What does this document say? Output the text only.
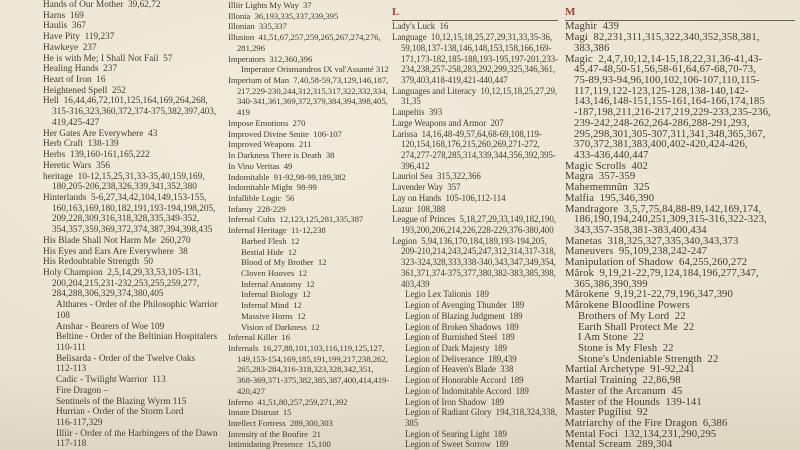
Hands of Our Mother  39,62,72
Harns  169
Haulis  367
Have Pity  119,237
Hawkeye  237
He is with Me; I Shall Not Fail  57
Healing Hands  237
Heart of Iron  16
Heightened Spell  252
Hell  16,44,46,72,101,125,164,169,264,268,
315-316,323,360,372,374-375,382,397,403,
419,425-427
Her Gates Are Everywhere  43
Herb Craft  138-139
Herbs  139,160-161,165,222
Heretic Wars  356
heritage  10-12,15,25,31,33-35,40,159,169,
180,205-206,238,326,339,341,352,380
Hinterlands  5-6,27,34,42,104,149,153-155,
160,163,169,180,182,191,193-194,198,205,
209,228,309,316,318,328,335,349-352,
354,357,359,369,372,374,387,394,398,435
His Blade Shall Not Harm Me  260,270
His Eyes and Ears Are Everywhere  38
His Redoubtable Strength  50
Holy Champion  2,5,14,29,33,53,105-131,
200,204,215,231-232,253,255,259,277,
284,288,306,329,374,380,405
Althares - Order of the Philosophic Warrior
108
Anshar - Bearers of Woe 109
Beltine - Order of the Beltinian Hospitalers
110-111
Belisarda - Order of the Twelve Oaks
112-113
Cadic - Twilight Warrior  113
Fire Dragon –
Sentinels of the Blazing Wyrm 115
Hurrian - Order of the Storm Lord
116-117,329
Illiir - Order of the Harbingers of the Dawn
117-118
Illiir Lights My Way  37
Illonia  36,193,335,337,339,395
Illonian  335,337
Illusion  41,51,67,257,259,265,267,274,276,
281,296
Imperators  312,360,396
Imperator Orismandros IX val'Assanté 312
Imperium of Man  7,40,58-59,73,129,146,187,
217,229-230,244,312,315,317,322,332,334,
340-341,361,369,372,379,384,394,398,405,
419
Impose Emotions  270
Improved Divine Smite  106-107
Improved Weapons  211
In Darkness There is Death  38
In Vino Veritas  49
Indomitable  91-92,98-99,189,382
Indomitable Might  98-99
Infallible Logic  56
Infamy  228-229
Infernal Cults  12,123,125,281,335,387
Infernal Heritage  11-12,238
Barbed Flesh  12
Bestial Hide  12
Blood of My Brother  12
Cloven Hooves  12
Infernal Anatomy  12
Infernal Biology  12
Infernal Mind  12
Massive Horns  12
Vision of Darkness  12
Infernal Killer  16
Infernals  16,27,88,101,103,116,119,125,127,
149,153-154,169,185,191,199,217,238,262,
265,283-284,316-318,323,328,342,351,
368-369,371-375,382,385,387,400,414,419-
420,427
Inferno  41,51,80,257,259,271,392
Innate Distrust  15
Intellect Fortress  289,300,303
Intensity of the Bonfire  21
Intimidating Presence  15,100
L
Lady's Luck  16
Language  10,12,15,18,25,27,29,31,33,35-36,
59,108,137-138,146,148,153,158,166,169-
171,173-182,185-188,193-195,197-201,233-
234,238,257-258,283,292,299,325,346,361,
379,403,418-419,421-440,447
Languages and Literacy  10,12,15,18,25,27,29,
31,35
Lanpeltis  393
Large Weapons and Armor  207
Larissa  14,16,48-49,57,64,68-69,108,119-
120,154,168,176,215,260,269,271-272,
274,277-278,285,314,339,344,356,392,395-
396,412
Lauriol Sea  315,322,366
Lavender Way  357
Lay on Hands  105-106,112-114
Lazur  108,388
League of Princes  5,18,27,29,33,149,182,190,
193,200,206,214,226,228-229,376-380,400
Legion  5,94,136,170,184,189,193-194,205,
209-210,214,243,245,247,312,314,317-318,
323-324,328,333,338-340,343,347,349,354,
361,371,374-375,377,380,382-383,385,398,
403,439
Legio Lex Talionis  189
Legion of Avenging Thunder  189
Legion of Blazing Judgment  189
Legion of Broken Shadows  189
Legion of Burnished Steel  189
Legion of Dark Majesty  189
Legion of Deliverance  189,439
Legion of Heaven's Blade  338
Legion of Honorable Accord  189
Legion of Indomitable Accord  189
Legion of Iron Shadow  189
Legion of Radiant Glory  194,318,324,338,
385
Legion of Searing Light  189
Legion of Sweet Sorrow  189
M
Maghir  439
Magi  82,231,311,315,322,340,352,358,381,
383,386
Magic  2,4,7,10,12,14-15,18,22,31,36-41,43-
45,47-48,50-51,56,58-61,64,67-68,70-73,
75-89,93-94,96,100,102,106-107,110,115-
117,119,122-123,125-128,138-140,142-
143,146,148-151,155-161,164-166,174,185
-187,198,211,216-217,219,229-233,235-236,
239-242,248-262,264-286,288-291,293,
295,298,301,305-307,311,341,348,365,367,
370,372,381,383,400,402-420,424-426,
433-436,440,447
Magic Scrolls  402
Magra  357-359
Mahememnûn  325
Malfia  195,346,390
Mandragore  3,5,7,75,84,88-89,142,169,174,
186,190,194,240,251,309,315-316,322-323,
343,357-358,381-383,400,434
Manetas  318,325,327,335,340,343,373
Maneuvers  95,109,238,242-247
Manipulation of Shadow  64,255,260,272
Mârok  9,19,21-22,79,124,184,196,277,347,
365,386,390,399
Mârokene  9,19,21-22,79,196,347,390
Mârokene Bloodline Powers
Brothers of My Lord  22
Earth Shall Protect Me  22
I Am Stone  22
Stone is My Flesh  22
Stone's Undeniable Strength  22
Martial Archetype  91-92,241
Martial Training  22,86,98
Master of the Arcanum  45
Master of the Hounds  139-141
Master Pugilist  92
Matriarchy of the Fire Dragon  6,386
Mental Foci  132,134,231,290,295
Mental Scream  289,304
